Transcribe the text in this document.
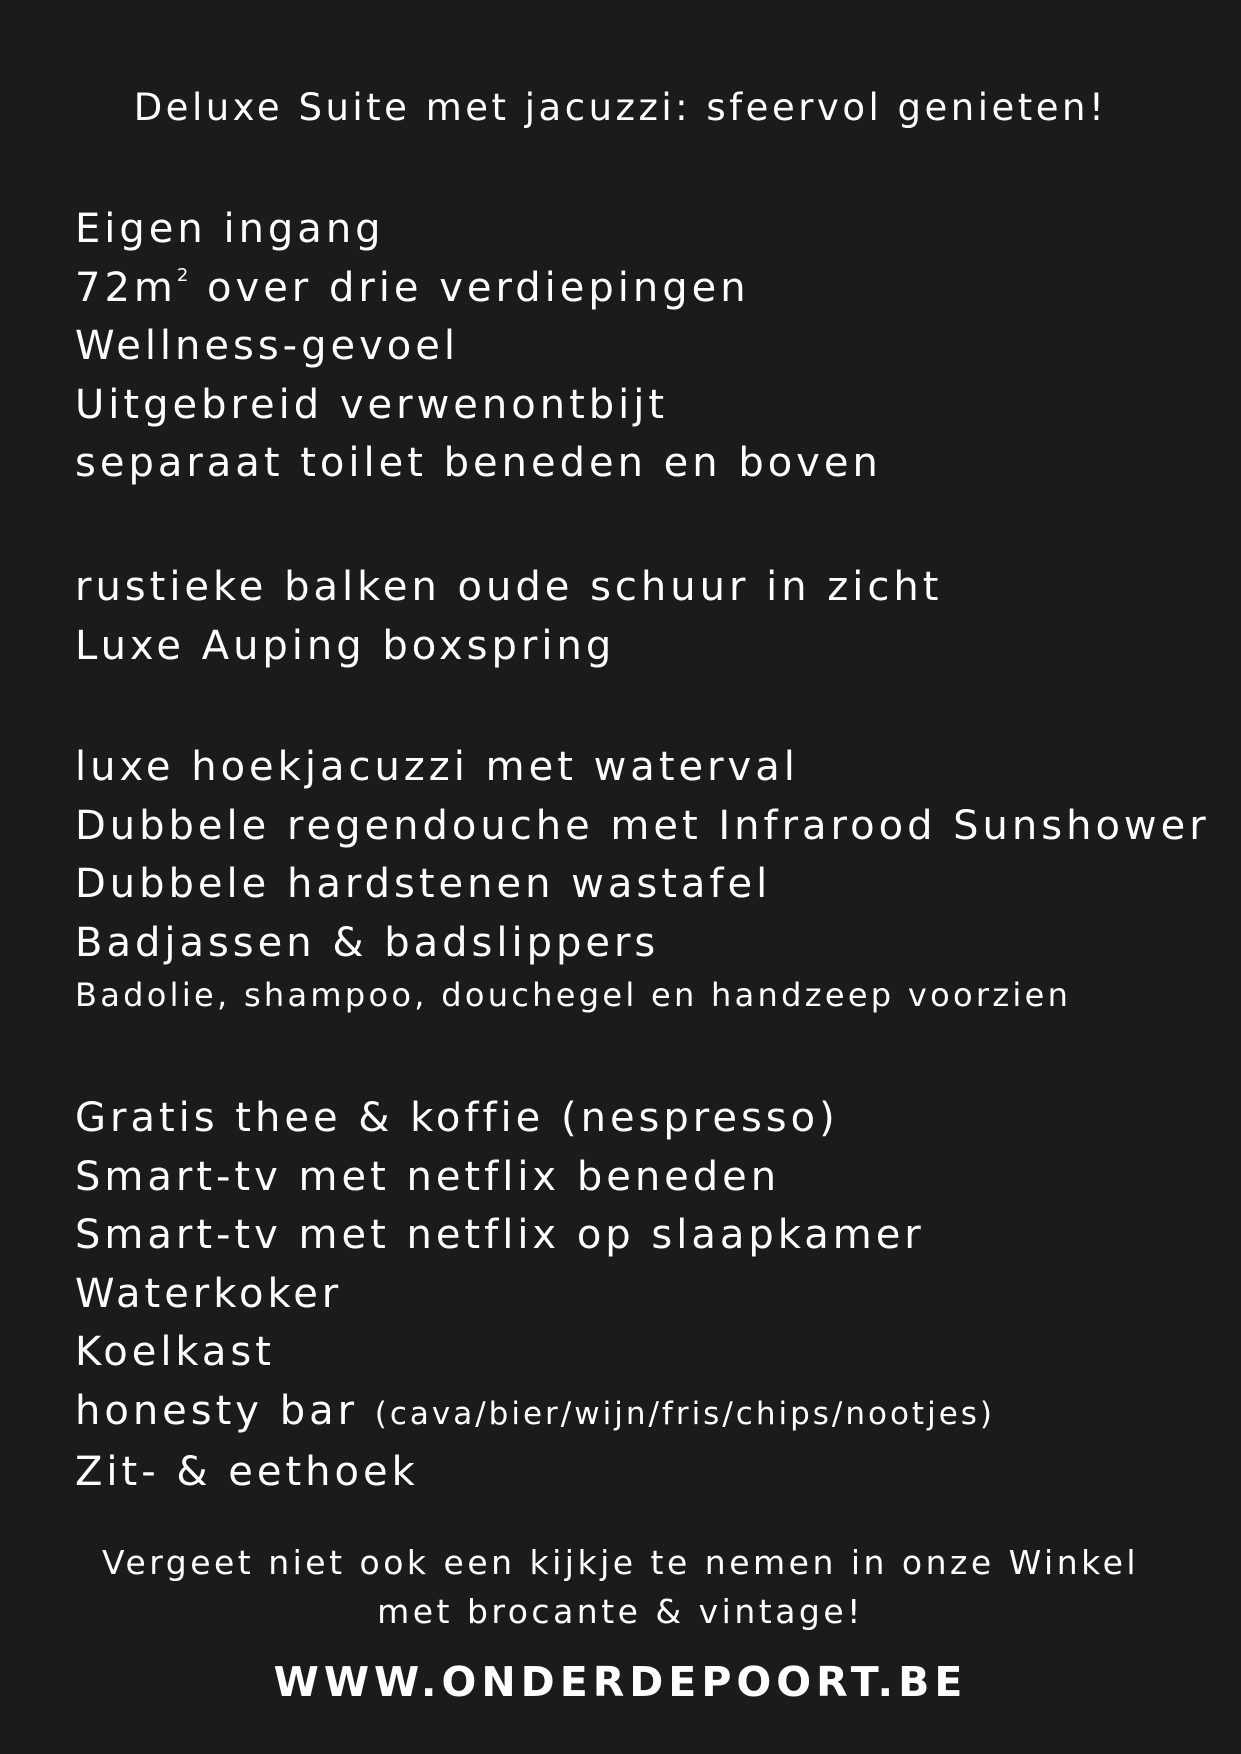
Deluxe Suite met jacuzzi: sfeervol genieten!
Eigen ingang
$72m^2$ over drie verdiepingen
Wellness-gevoel
Uitgebreid verwenontbijt
separaat toilet beneden en boven
rustieke balken oude schuur in zicht
Luxe Auping boxspring
luxe hoekjacuzzi met waterval
Dubbele regendouche met Infrarood Sunshower
Dubbele hardstenen wastafel
Badjassen & badslippers
Badolie, shampoo, douchegel en handzeep voorzien
Gratis thee & koffie (nespresso)
Smart-tv met netflix beneden
Smart-tv met netflix op slaapkamer
Waterkoker
Koelkast
honesty bar (cava/bier/wijn/fris/chips/nootjes)
Zit- & eethoek
Vergeet niet ook een kijkje te nemen in onze Winkel
met brocante & vintage!
WWW.ONDERDEPOORT.BE
